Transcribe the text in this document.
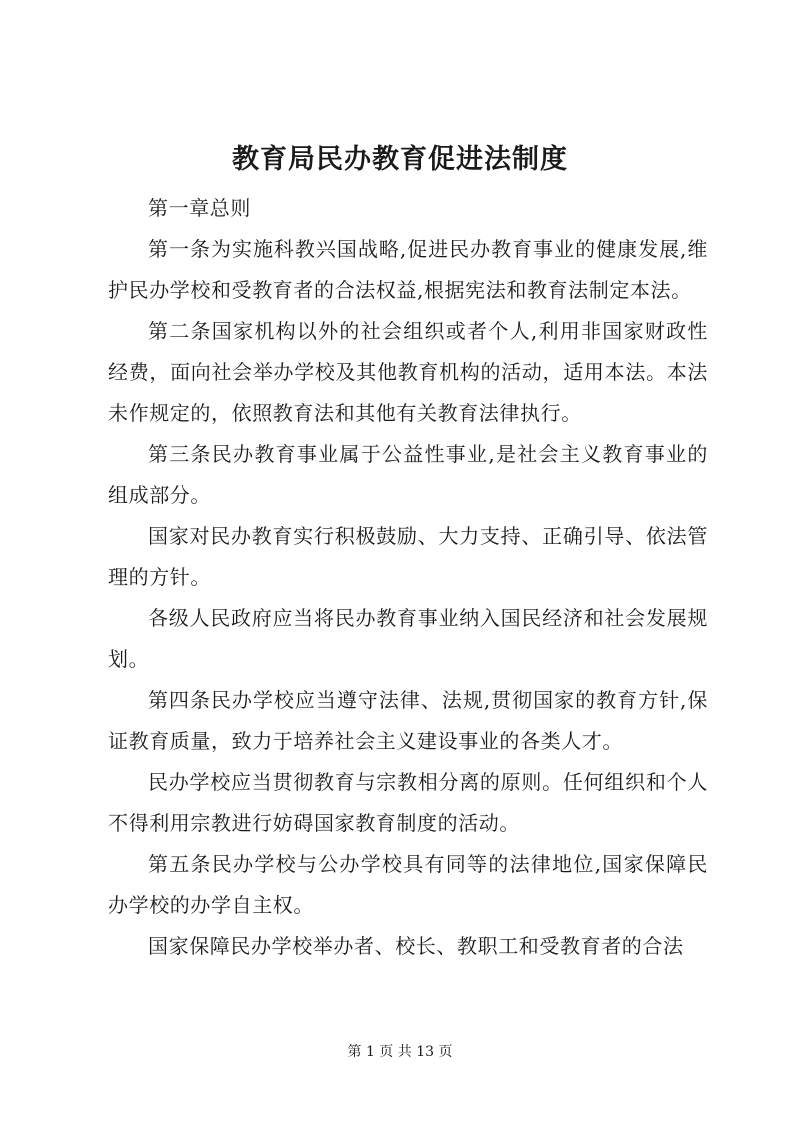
教育局民办教育促进法制度

第一章总则

第一条为实施科教兴国战略,促进民办教育事业的健康发展,维护民办学校和受教育者的合法权益,根据宪法和教育法制定本法。

第二条国家机构以外的社会组织或者个人,利用非国家财政性经费，面向社会举办学校及其他教育机构的活动，适用本法。本法未作规定的，依照教育法和其他有关教育法律执行。

第三条民办教育事业属于公益性事业,是社会主义教育事业的组成部分。

国家对民办教育实行积极鼓励、大力支持、正确引导、依法管理的方针。

各级人民政府应当将民办教育事业纳入国民经济和社会发展规划。

第四条民办学校应当遵守法律、法规,贯彻国家的教育方针,保证教育质量，致力于培养社会主义建设事业的各类人才。

民办学校应当贯彻教育与宗教相分离的原则。任何组织和个人不得利用宗教进行妨碍国家教育制度的活动。

第五条民办学校与公办学校具有同等的法律地位,国家保障民办学校的办学自主权。

国家保障民办学校举办者、校长、教职工和受教育者的合法

第 1 页 共 13 页
